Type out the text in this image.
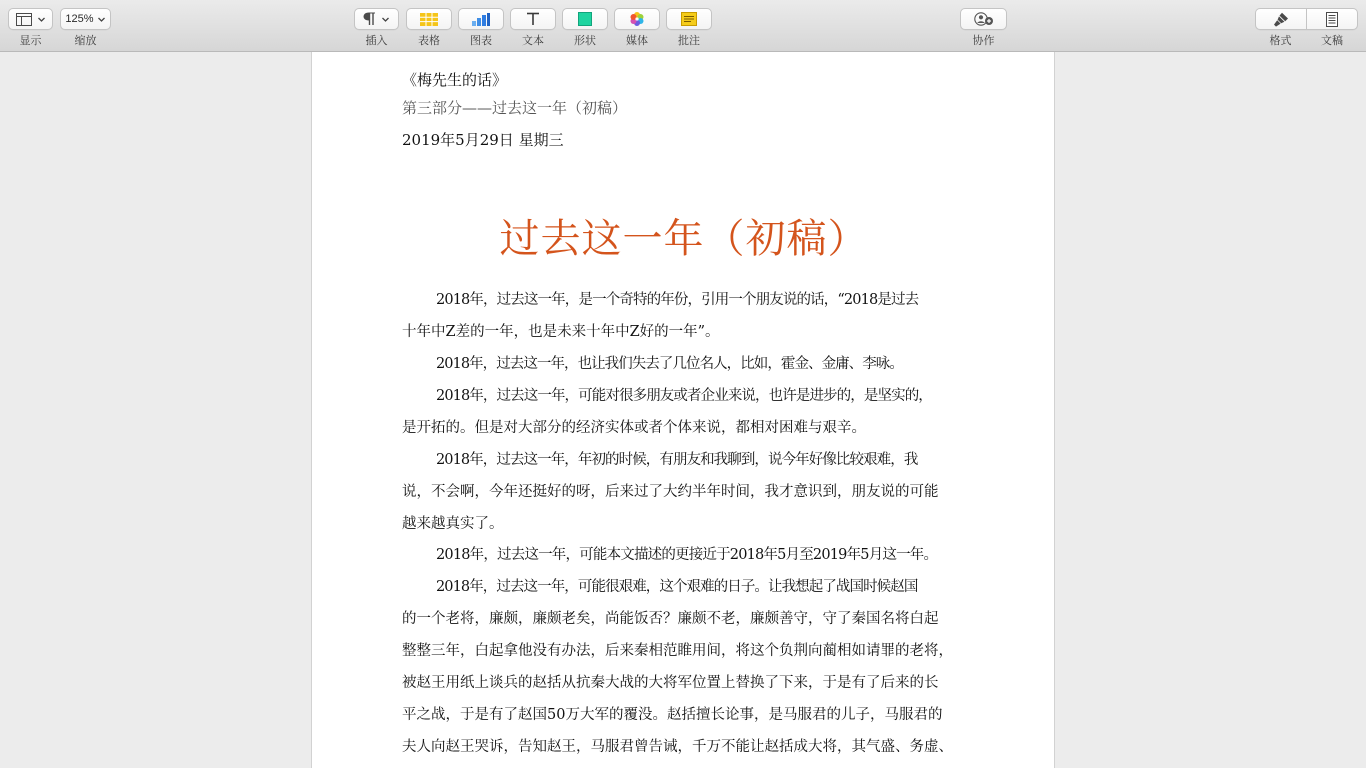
显示
125%
缩放	插入	表格	图表	文本	形状	媒体	批注	协作	格式	文稿
《梅先生的话》
第三部分——过去这一年（初稿）
2019年5月29日 星期三
过去这一年（初稿）
2018年，过去这一年，是一个奇特的年份，引用一个朋友说的话，“2018是过去
十年中Z差的一年，也是未来十年中Z好的一年”。
2018年，过去这一年，也让我们失去了几位名人，比如，霍金、金庸、李咏。
2018年，过去这一年，可能对很多朋友或者企业来说，也许是进步的，是坚实的，
是开拓的。但是对大部分的经济实体或者个体来说，都相对困难与艰辛。
2018年，过去这一年，年初的时候，有朋友和我聊到，说今年好像比较艰难，我
说，不会啊，今年还挺好的呀，后来过了大约半年时间，我才意识到，朋友说的可能
越来越真实了。
2018年，过去这一年，可能本文描述的更接近于2018年5月至2019年5月这一年。
2018年，过去这一年，可能很艰难，这个艰难的日子。让我想起了战国时候赵国
的一个老将，廉颇，廉颇老矣，尚能饭否？廉颇不老，廉颇善守，守了秦国名将白起
整整三年，白起拿他没有办法，后来秦相范睢用间，将这个负荆向蔺相如请罪的老将，
被赵王用纸上谈兵的赵括从抗秦大战的大将军位置上替换了下来，于是有了后来的长
平之战，于是有了赵国50万大军的覆没。赵括擅长论事，是马服君的儿子，马服君的
夫人向赵王哭诉，告知赵王，马服君曾告诫，千万不能让赵括成大将，其气盛、务虚、
